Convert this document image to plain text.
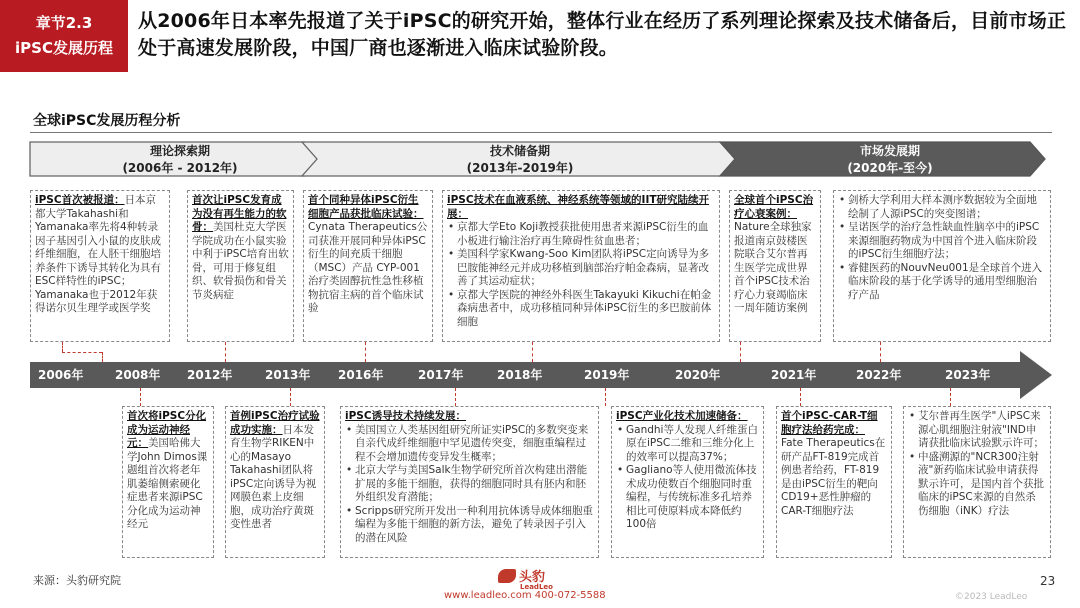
章节2.3
iPSC发展历程
从2006年日本率先报道了关于iPSC的研究开始，整体行业在经历了系列理论探索及技术储备后，目前市场正处于高速发展阶段，中国厂商也逐渐进入临床试验阶段。
全球iPSC发展历程分析
理论探索期
(2006年 - 2012年)
技术储备期
(2013年-2019年)
市场发展期
(2020年-至今)
iPSC首次被报道：日本京都大学Takahashi和Yamanaka率先将4种转录因子基因引入小鼠的皮肤成纤维细胞，在人胚干细胞培养条件下诱导其转化为具有ESC样特性的iPSC；Yamanaka也于2012年获得诺尔贝生理学或医学奖
首次让iPSC发育成为没有再生能力的软骨：美国杜克大学医学院成功在小鼠实验中利于iPSC培育出软骨，可用于修复组织、软骨损伤和骨关节炎病症
首个同种异体iPSC衍生细胞产品获批临床试验：Cynata Therapeutics公司获准开展同种异体iPSC衍生的间充质干细胞（MSC）产品 CYP-001治疗类固醇抗性急性移植物抗宿主病的首个临床试验
iPSC技术在血液系统、神经系统等领域的IIT研究陆续开展：
• 京都大学Eto Koji教授获批使用患者来源iPSC衍生的血小板进行输注治疗再生障碍性贫血患者；
• 美国科学家Kwang-Soo Kim团队将iPSC定向诱导为多巴胺能神经元并成功移植到脑部治疗帕金森病，显著改善了其运动症状；
• 京都大学医院的神经外科医生Takayuki Kikuchi在帕金森病患者中，成功移植同种异体iPSC衍生的多巴胺前体细胞
全球首个iPSC治疗心衰案例：Nature全球独家报道南京鼓楼医院联合艾尔普再生医学完成世界首个iPSC技术治疗心力衰竭临床一周年随访案例
• 剑桥大学利用大样本测序数据较为全面地绘制了人源iPSC的突变图谱；
• 呈诺医学的治疗急性缺血性脑卒中的iPSC来源细胞药物成为中国首个进入临床阶段的iPSC衍生细胞疗法；
• 睿健医药的NouvNeu001是全球首个进入临床阶段的基于化学诱导的通用型细胞治疗产品
2006年	2008年 2012年	2013年 2016年	2017年	2018年	2019年	2020年	2021年	2022年	2023年
首次将iPSC分化成为运动神经元：美国哈佛大学John Dimos课题组首次将老年肌萎缩侧索硬化症患者来源iPSC分化成为运动神经元
首例iPSC治疗试验成功实施：日本发育生物学RIKEN中心的Masayo Takahashi团队将iPSC定向诱导为视网膜色素上皮细胞，成功治疗黄斑变性患者
iPSC诱导技术持续发展：
• 美国国立人类基因组研究所证实iPSC的多数突变来自亲代成纤维细胞中罕见遗传突变，细胞重编程过程不会增加遗传变异发生概率；
• 北京大学与美国Salk生物学研究所首次构建出潜能扩展的多能干细胞，获得的细胞同时具有胚内和胚外组织发育潜能；
• Scripps研究所开发出一种利用抗体诱导成体细胞重编程为多能干细胞的新方法，避免了转录因子引入的潜在风险
iPSC产业化技术加速储备：
• Gandhi等人发现人纤维蛋白原在iPSC二维和三维分化上的效率可以提高37%；
• Gagliano等人使用微流体技术成功使数百个细胞同时重编程，与传统标准多孔培养相比可使原料成本降低约100倍
首个iPSC-CAR-T细胞疗法给药完成：Fate Therapeutics在研产品FT-819完成首例患者给药，FT-819是由iPSC衍生的靶向CD19+恶性肿瘤的CAR-T细胞疗法
• 艾尔普再生医学"人iPSC来源心肌细胞注射液"IND申请获批临床试验默示许可；
• 中盛溯源的"NCR300注射液"新药临床试验申请获得默示许可，是国内首个获批临床的iPSC来源的自然杀伤细胞（iNK）疗法
来源：头豹研究院	头豹
LeadLeo
www.leadleo.com 400-072-5588
23
©2023 LeadLeo
